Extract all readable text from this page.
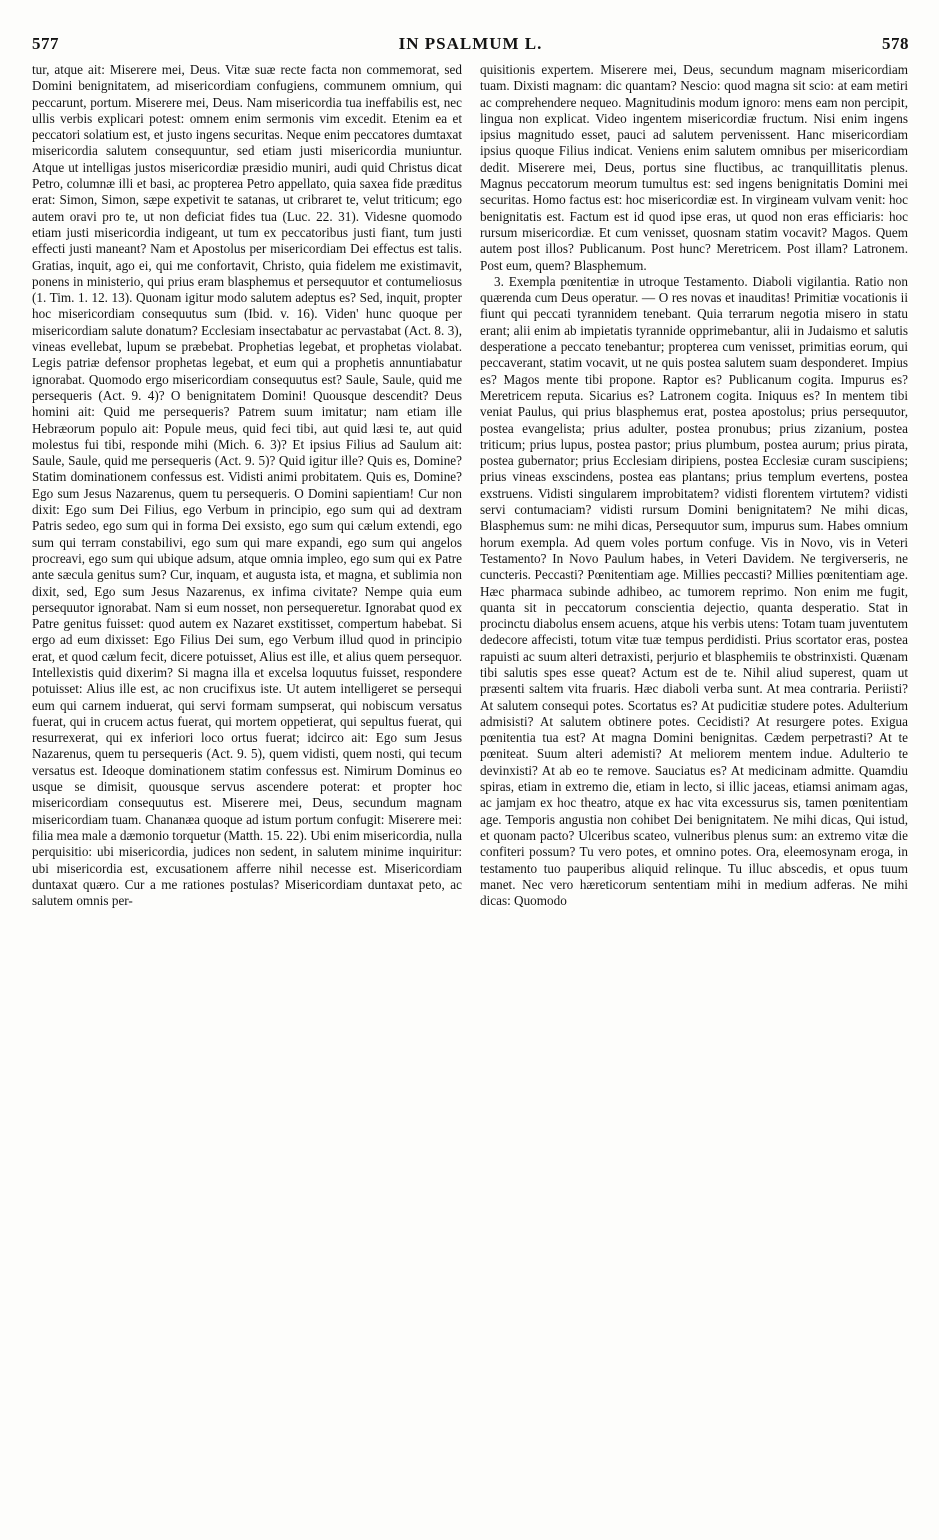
577	IN PSALMUM L.	578

tur, atque ait: Miserere mei, Deus. Vitæ suæ recte facta non commemorat, sed Domini benignitatem, ad misericordiam confugiens, communem omnium, qui peccarunt, portum. Miserere mei, Deus. Nam misericordia tua ineffabilis est, nec ullis verbis explicari potest: omnem enim sermonis vim excedit. Etenim ea et peccatori solatium est, et justo ingens securitas. Neque enim peccatores dumtaxat misericordia salutem consequuntur, sed etiam justi misericordia muniuntur. Atque ut intelligas justos misericordiæ præsidio muniri, audi quid Christus dicat Petro, columnæ illi et basi, ac propterea Petro appellato, quia saxea fide præditus erat: Simon, Simon, sæpe expetivit te satanas, ut cribraret te, velut triticum; ego autem oravi pro te, ut non deficiat fides tua (Luc. 22. 31). Videsne quomodo etiam justi misericordia indigeant, ut tum ex peccatoribus justi fiant, tum justi effecti justi maneant? Nam et Apostolus per misericordiam Dei effectus est talis. Gratias, inquit, ago ei, qui me confortavit, Christo, quia fidelem me existimavit, ponens in ministerio, qui prius eram blasphemus et persequutor et contumeliosus (1. Tim. 1. 12. 13). Quonam igitur modo salutem adeptus es? Sed, inquit, propter hoc misericordiam consequutus sum (Ibid. v. 16). Viden' hunc quoque per misericordiam salute donatum? Ecclesiam insectabatur ac pervastabat (Act. 8. 3), vineas evellebat, lupum se præbebat. Prophetias legebat, et prophetas violabat. Legis patriæ defensor prophetas legebat, et eum qui a prophetis annuntiabatur ignorabat. Quomodo ergo misericordiam consequutus est? Saule, Saule, quid me persequeris (Act. 9. 4)? O benignitatem Domini! Quousque descendit? Deus homini ait: Quid me persequeris? Patrem suum imitatur; nam etiam ille Hebræorum populo ait: Popule meus, quid feci tibi, aut quid læsi te, aut quid molestus fui tibi, responde mihi (Mich. 6. 3)? Et ipsius Filius ad Saulum ait: Saule, Saule, quid me persequeris (Act. 9. 5)? Quid igitur ille? Quis es, Domine? Statim dominationem confessus est. Vidisti animi probitatem. Quis es, Domine? Ego sum Jesus Nazarenus, quem tu persequeris. O Domini sapientiam! Cur non dixit: Ego sum Dei Filius, ego Verbum in principio, ego sum qui ad dextram Patris sedeo, ego sum qui in forma Dei exsisto, ego sum qui cælum extendi, ego sum qui terram constabilivi, ego sum qui mare expandi, ego sum qui angelos procreavi, ego sum qui ubique adsum, atque omnia impleo, ego sum qui ex Patre ante sæcula genitus sum? Cur, inquam, et augusta ista, et magna, et sublimia non dixit, sed, Ego sum Jesus Nazarenus, ex infima civitate? Nempe quia eum persequutor ignorabat. Nam si eum nosset, non persequeretur. Ignorabat quod ex Patre genitus fuisset: quod autem ex Nazaret exstitisset, compertum habebat. Si ergo ad eum dixisset: Ego Filius Dei sum, ego Verbum illud quod in principio erat, et quod cælum fecit, dicere potuisset, Alius est ille, et alius quem persequor. Intellexistis quid dixerim? Si magna illa et excelsa loquutus fuisset, respondere potuisset: Alius ille est, ac non crucifixus iste. Ut autem intelligeret se persequi eum qui carnem induerat, qui servi formam sumpserat, qui nobiscum versatus fuerat, qui in crucem actus fuerat, qui mortem oppetierat, qui sepultus fuerat, qui resurrexerat, qui ex inferiori loco ortus fuerat; idcirco ait: Ego sum Jesus Nazarenus, quem tu persequeris (Act. 9. 5), quem vidisti, quem nosti, qui tecum versatus est. Ideoque dominationem statim confessus est. Nimirum Dominus eo usque se dimisit, quousque servus ascendere poterat: et propter hoc misericordiam consequutus est. Miserere mei, Deus, secundum magnam misericordiam tuam. Chananæa quoque ad istum portum confugit: Miserere mei: filia mea male a dæmonio torquetur (Matth. 15. 22). Ubi enim misericordia, nulla perquisitio: ubi misericordia, judices non sedent, in salutem minime inquiritur: ubi misericordia est, excusationem afferre nihil necesse est. Misericordiam duntaxat quæro. Cur a me rationes postulas? Misericordiam duntaxat peto, ac salutem omnis per-

quisitionis expertem. Miserere mei, Deus, secundum magnam misericordiam tuam. Dixisti magnam: dic quantam? Nescio: quod magna sit scio: at eam metiri ac comprehendere nequeo. Magnitudinis modum ignoro: mens eam non percipit, lingua non explicat. Video ingentem misericordiæ fructum. Nisi enim ingens ipsius magnitudo esset, pauci ad salutem pervenissent. Hanc misericordiam ipsius quoque Filius indicat. Veniens enim salutem omnibus per misericordiam dedit. Miserere mei, Deus, portus sine fluctibus, ac tranquillitatis plenus. Magnus peccatorum meorum tumultus est: sed ingens benignitatis Domini mei securitas. Homo factus est: hoc misericordiæ est. In virgineam vulvam venit: hoc benignitatis est. Factum est id quod ipse eras, ut quod non eras efficiaris: hoc rursum misericordiæ. Et cum venisset, quosnam statim vocavit? Magos. Quem autem post illos? Publicanum. Post hunc? Meretricem. Post illam? Latronem. Post eum, quem? Blasphemum.

3. Exempla pœnitentiæ in utroque Testamento. Diaboli vigilantia. Ratio non quærenda cum Deus operatur. — O res novas et inauditas! Primitiæ vocationis ii fiunt qui peccati tyrannidem tenebant. Quia terrarum negotia misero in statu erant; alii enim ab impietatis tyrannide opprimebantur, alii in Judaismo et salutis desperatione a peccato tenebantur; propterea cum venisset, primitias eorum, qui peccaverant, statim vocavit, ut ne quis postea salutem suam desponderet. Impius es? Magos mente tibi propone. Raptor es? Publicanum cogita. Impurus es? Meretricem reputa. Sicarius es? Latronem cogita. Iniquus es? In mentem tibi veniat Paulus, qui prius blasphemus erat, postea apostolus; prius persequutor, postea evangelista; prius adulter, postea pronubus; prius zizanium, postea triticum; prius lupus, postea pastor; prius plumbum, postea aurum; prius pirata, postea gubernator; prius Ecclesiam diripiens, postea Ecclesiæ curam suscipiens; prius vineas exscindens, postea eas plantans; prius templum evertens, postea exstruens. Vidisti singularem improbitatem? vidisti florentem virtutem? vidisti servi contumaciam? vidisti rursum Domini benignitatem? Ne mihi dicas, Blasphemus sum: ne mihi dicas, Persequutor sum, impurus sum. Habes omnium horum exempla. Ad quem voles portum confuge. Vis in Novo, vis in Veteri Testamento? In Novo Paulum habes, in Veteri Davidem. Ne tergiverseris, ne cuncteris. Peccasti? Pœnitentiam age. Millies peccasti? Millies pœnitentiam age. Hæc pharmaca subinde adhibeo, ac tumorem reprimo. Non enim me fugit, quanta sit in peccatorum conscientia dejectio, quanta desperatio. Stat in procinctu diabolus ensem acuens, atque his verbis utens: Totam tuam juventutem dedecore affecisti, totum vitæ tuæ tempus perdidisti. Prius scortator eras, postea rapuisti ac suum alteri detraxisti, perjurio et blasphemiis te obstrinxisti. Quænam tibi salutis spes esse queat? Actum est de te. Nihil aliud superest, quam ut præsenti saltem vita fruaris. Hæc diaboli verba sunt. At mea contraria. Periisti? At salutem consequi potes. Scortatus es? At pudicitiæ studere potes. Adulterium admisisti? At salutem obtinere potes. Cecidisti? At resurgere potes. Exigua pœnitentia tua est? At magna Domini benignitas. Cædem perpetrasti? At te pœniteat. Suum alteri ademisti? At meliorem mentem indue. Adulterio te devinxisti? At ab eo te remove. Sauciatus es? At medicinam admitte. Quamdiu spiras, etiam in extremo die, etiam in lecto, si illic jaceas, etiamsi animam agas, ac jamjam ex hoc theatro, atque ex hac vita excessurus sis, tamen pœnitentiam age. Temporis angustia non cohibet Dei benignitatem. Ne mihi dicas, Qui istud, et quonam pacto? Ulceribus scateo, vulneribus plenus sum: an extremo vitæ die confiteri possum? Tu vero potes, et omnino potes. Ora, eleemosynam eroga, in testamento tuo pauperibus aliquid relinque. Tu illuc abscedis, et opus tuum manet. Nec vero hæreticorum sententiam mihi in medium adferas. Ne mihi dicas: Quomodo
